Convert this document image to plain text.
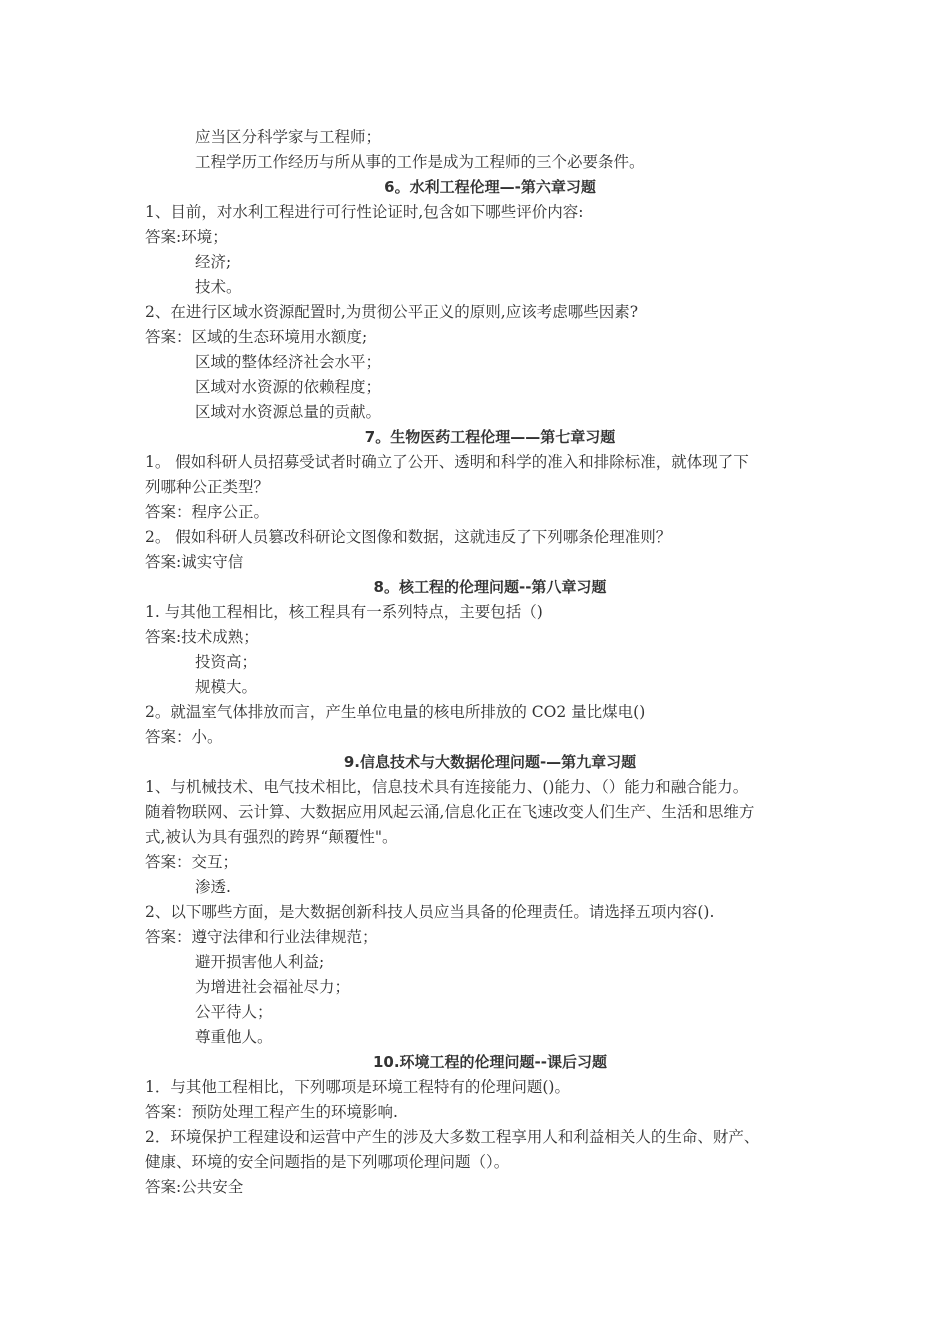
应当区分科学家与工程师；
工程学历工作经历与所从事的工作是成为工程师的三个必要条件。
6。水利工程伦理—-第六章习题
1、目前，对水利工程进行可行性论证时,包含如下哪些评价内容:
答案:环境；
经济;
技术。
2、在进行区域水资源配置时,为贯彻公平正义的原则,应该考虑哪些因素?
答案：区域的生态环境用水额度;
区域的整体经济社会水平；
区域对水资源的依赖程度；
区域对水资源总量的贡献。
7。生物医药工程伦理——第七章习题
1。 假如科研人员招募受试者时确立了公开、透明和科学的准入和排除标准，就体现了下
列哪种公正类型？
答案：程序公正。
2。 假如科研人员篡改科研论文图像和数据，这就违反了下列哪条伦理准则？
答案:诚实守信
8。核工程的伦理问题--第八章习题
1. 与其他工程相比，核工程具有一系列特点，主要包括（)
答案:技术成熟；
投资高；
规模大。
2。就温室气体排放而言，产生单位电量的核电所排放的 CO2 量比煤电()
答案：小。
9.信息技术与大数据伦理问题-—第九章习题
1、与机械技术、电气技术相比，信息技术具有连接能力、()能力、（）能力和融合能力。
随着物联网、云计算、大数据应用风起云涌,信息化正在飞速改变人们生产、生活和思维方
式,被认为具有强烈的跨界“颠覆性"。
答案：交互；
渗透.
2、以下哪些方面，是大数据创新科技人员应当具备的伦理责任。请选择五项内容().
答案：遵守法律和行业法律规范；
避开损害他人利益;
为增进社会福祉尽力；
公平待人；
尊重他人。
10.环境工程的伦理问题--课后习题
1．与其他工程相比，下列哪项是环境工程特有的伦理问题()。
答案：预防处理工程产生的环境影响.
2．环境保护工程建设和运营中产生的涉及大多数工程享用人和利益相关人的生命、财产、
健康、环境的安全问题指的是下列哪项伦理问题（）。
答案:公共安全
